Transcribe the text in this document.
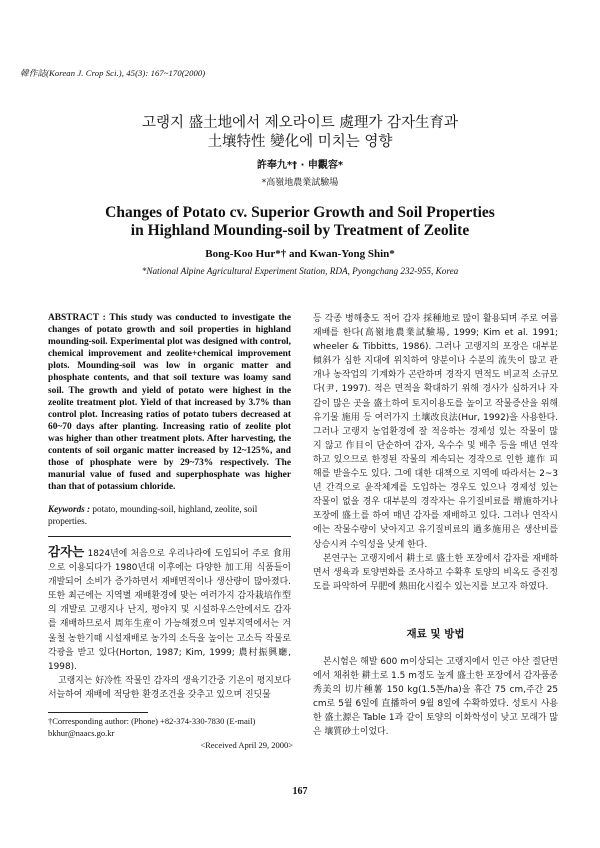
韓作誌(Korean J. Crop Sci.), 45(3): 167~170(2000)
고랭지 盛土地에서 제오라이트 處理가 감자生育과
土壤特性 變化에 미치는 영향
許奉九*† · 申觀容*
*高嶺地農業試驗場
Changes of Potato cv. Superior Growth and Soil Properties
in Highland Mounding-soil by Treatment of Zeolite
Bong-Koo Hur*† and Kwan-Yong Shin*
*National Alpine Agricultural Experiment Station, RDA, Pyongchang 232-955, Korea
ABSTRACT : This study was conducted to investigate the changes of potato growth and soil properties in highland mounding-soil. Experimental plot was designed with control, chemical improvement and zeolite+chemical improvement plots. Mounding-soil was low in organic matter and phosphate contents, and that soil texture was loamy sand soil. The growth and yield of potato were highest in the zeolite treatment plot. Yield of that increased by 3.7% than control plot. Increasing ratios of potato tubers decreased at 60~70 days after planting. Increasing ratio of zeolite plot was higher than other treatment plots. After harvesting, the contents of soil organic matter increased by 12~125%, and those of phosphate were by 29~73% respectively. The manurial value of fused and superphosphate was higher than that of potassium chloride.
Keywords : potato, mounding-soil, highland, zeolite, soil properties.

감자는 1824년에 처음으로 우리나라에 도입되어 주로 食用으로 이용되다가 1980년대 이후에는 다양한 加工用 식품들이 개발되어 소비가 증가하면서 재배면적이나 생산량이 많아졌다. 또한 최근에는 지역별 재배환경에 맞는 여러가지 감자栽培作型의 개발로 고랭지나 난지, 평야지 및 시설하우스안에서도 감자를 재배하므로서 周年生産이 가능해졌으며 일부지역에서는 겨울철 농한기때 시설재배로 농가의 소득을 높이는 고소득 작물로 각광을 받고 있다(Horton, 1987; Kim, 1999; 農村振興廳, 1998).

고랭지는 好冷性 작물인 감자의 생육기간중 기온이 평지보다 서늘하여 재배에 적당한 환경조건을 갖추고 있으며 진딧물

†Corresponding author: (Phone) +82-374-330-7830 (E-mail) bkhur@naacs.go.kr
<Received April 29, 2000>

등 각종 병해충도 적어 감자 採種地로 많이 활용되며 주로 여름재배를 한다(高嶺地農業試驗場, 1999; Kim et al. 1991; wheeler & Tibbitts, 1986). 그러나 고랭지의 포장은 대부분 傾斜가 심한 지대에 위치하여 양분이나 수분의 流失이 많고 관개나 농작업의 기계화가 곤란하며 경작지 면적도 비교적 소규모다(尹, 1997). 적은 면적을 확대하기 위해 경사가 심하거나 자갈이 많은 곳을 盛土하여 토지이용도를 높이고 작물증산을 위해 유기물 施用 등 여러가지 土壤改良法(Hur, 1992)을 사용한다. 그러나 고랭지 농업환경에 잘 적응하는 경제성 있는 작물이 많지 않고 作目이 단순하여 감자, 옥수수 및 배추 등을 매년 연작하고 있으므로 한정된 작물의 계속되는 경작으로 인한 連作 피해를 받을수도 있다. 그에 대한 대책으로 지역에 따라서는 2~3년 간격으로 윤작체계를 도입하는 경우도 있으나 경제성 있는 작물이 없을 경우 대부분의 경작자는 유기질비료를 增施하거나 포장에 盛土를 하여 매년 감자를 재배하고 있다. 그러나 연작시에는 작물수량이 낮아지고 유기질비료의 過多施用은 생산비를 상승시켜 수익성을 낮게 한다.

본연구는 고랭지에서 耕土로 盛土한 포장에서 감자를 재배하면서 생육과 토양변화를 조사하고 수확후 토양의 비옥도 증진정도를 파악하여 무肥에 熱田化시킬수 있는지를 보고자 하였다.

재료 및 방법

본시험은 해발 600 m이상되는 고랭지에서 인근 야산 절단면에서 채취한 耕土로 1.5 m정도 높게 盛土한 포장에서 감자품종 秀美의 切片種薯 150 kg(1.5톤/ha)을 휴간 75 cm,주간 25 cm로 5월 6일에 直播하여 9월 8일에 수확하였다. 성토시 사용한 盛土源은 Table 1과 같이 토양의 이화학성이 낮고 모래가 많은 壤質砂土이었다.

167
